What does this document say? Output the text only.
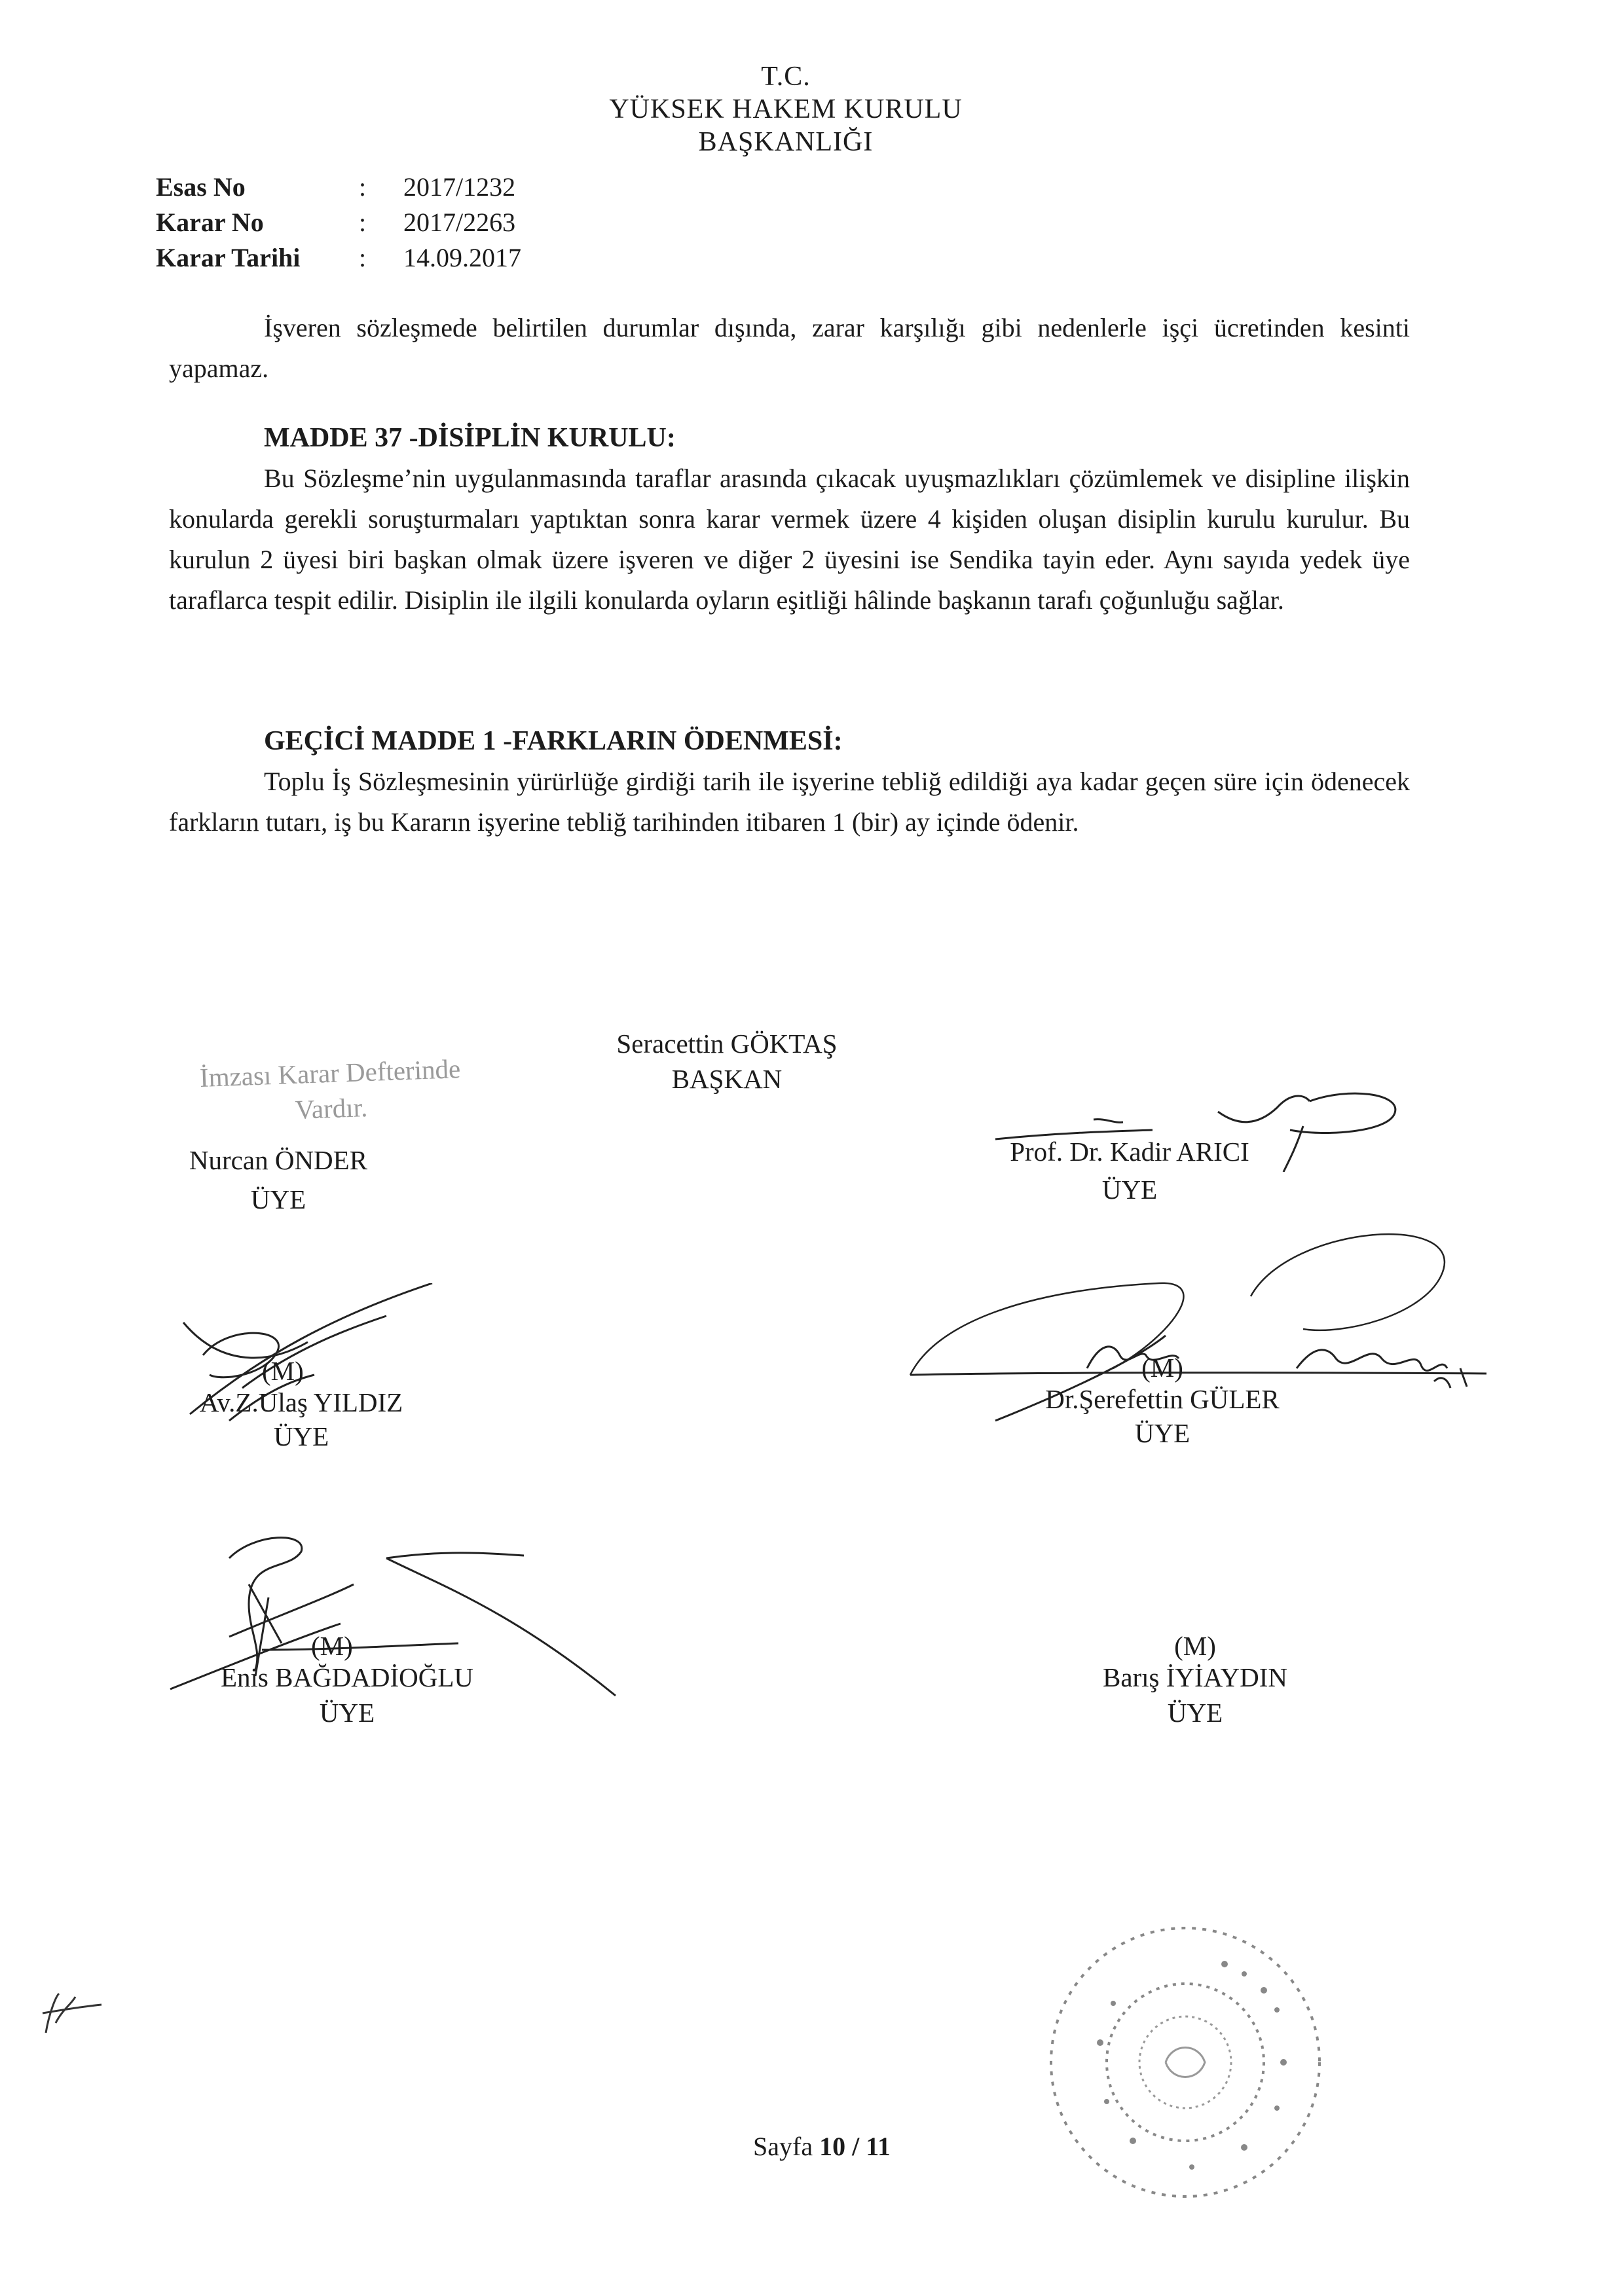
T.C.
YÜKSEK HAKEM KURULU
BAŞKANLIĞI
Esas No	: 2017/1232
Karar No	: 2017/2263
Karar Tarihi : 14.09.2017
İşveren sözleşmede belirtilen durumlar dışında, zarar karşılığı gibi nedenlerle işçi ücretinden kesinti yapamaz.
MADDE 37 -DİSİPLİN KURULU:
Bu Sözleşme’nin uygulanmasında taraflar arasında çıkacak uyuşmazlıkları çözümlemek ve disipline ilişkin konularda gerekli soruşturmaları yaptıktan sonra karar vermek üzere 4 kişiden oluşan disiplin kurulu kurulur. Bu kurulun 2 üyesi biri başkan olmak üzere işveren ve diğer 2 üyesini ise Sendika tayin eder. Aynı sayıda yedek üye taraflarca tespit edilir. Disiplin ile ilgili konularda oyların eşitliği hâlinde başkanın tarafı çoğunluğu sağlar.
GEÇİCİ MADDE 1 -FARKLARIN ÖDENMESİ:
Toplu İş Sözleşmesinin yürürlüğe girdiği tarih ile işyerine tebliğ edildiği aya kadar geçen süre için ödenecek farkların tutarı, iş bu Kararın işyerine tebliğ tarihinden itibaren 1 (bir) ay içinde ödenir.
Seracettin GÖKTAŞ
BAŞKAN
İmzası Karar Defterinde
Vardır.
Nurcan ÖNDER
ÜYE
Prof. Dr. Kadir ARICI
ÜYE
(M)
Av.Z.Ulaş YILDIZ
ÜYE
(M)
Dr.Şerefettin GÜLER
ÜYE
(M)
Enis BAĞDADİOĞLU
ÜYE
(M)
Barış İYİAYDIN
ÜYE
Sayfa 10 / 11
